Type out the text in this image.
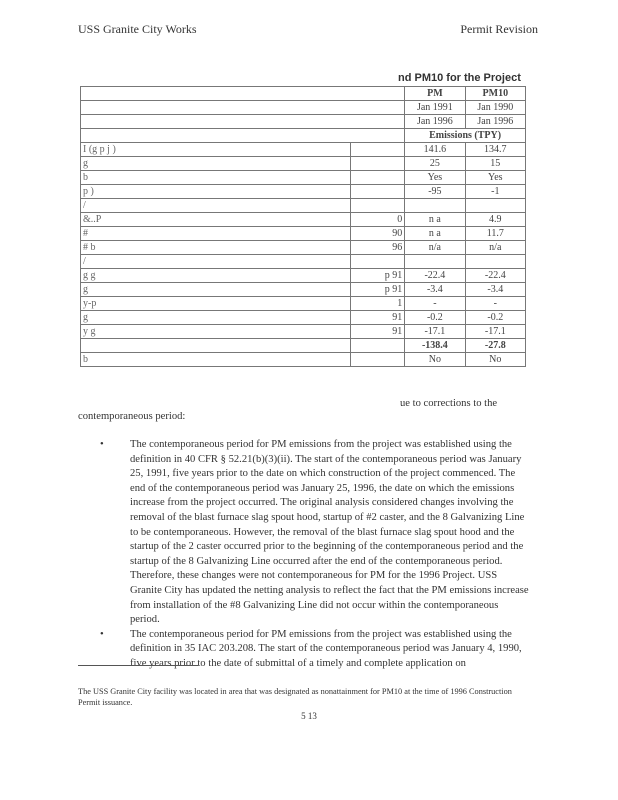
USS Granite City Works	Permit Revision
nd PM10 for the Project
		PM	PM10
		Jan 1991	Jan 1990
		Jan 1996	Jan 1996
		Emissions (TPY)	
I (g p j )		141.6	134.7
g		25	15
b		Yes	Yes
p )		-95	-1
/			
&..P	0	n a	4.9
#	90	n a	11.7
# b	96	n/a	n/a
/			
g g	p 91	-22.4	-22.4
g	p 91	-3.4	-3.4
y-p	1	-	-
g	91	-0.2	-0.2
y g	91	-17.1	-17.1
		-138.4	-27.8
b		No	No
ue to corrections to the
contemporaneous period:
• The contemporaneous period for PM emissions from the project was established using the definition in 40 CFR § 52.21(b)(3)(ii). The start of the contemporaneous period was January 25, 1991, five years prior to the date on which construction of the project commenced. The end of the contemporaneous period was January 25, 1996, the date on which the emissions increase from the project occurred. The original analysis considered changes involving the removal of the blast furnace slag spout hood, startup of #2 caster, and the 8 Galvanizing Line to be contemporaneous. However, the removal of the blast furnace slag spout hood and the startup of the 2 caster occurred prior to the beginning of the contemporaneous period and the startup of the 8 Galvanizing Line occurred after the end of the contemporaneous period. Therefore, these changes were not contemporaneous for PM for the 1996 Project. USS Granite City has updated the netting analysis to reflect the fact that the PM emissions increase from installation of the #8 Galvanizing Line did not occur within the contemporaneous period.
• The contemporaneous period for PM emissions from the project was established using the definition in 35 IAC 203.208. The start of the contemporaneous period was January 4, 1990, five years prior to the date of submittal of a timely and complete application on
The USS Granite City facility was located in area that was designated as nonattainment for PM10 at the time of 1996 Construction Permit issuance.
5 13
